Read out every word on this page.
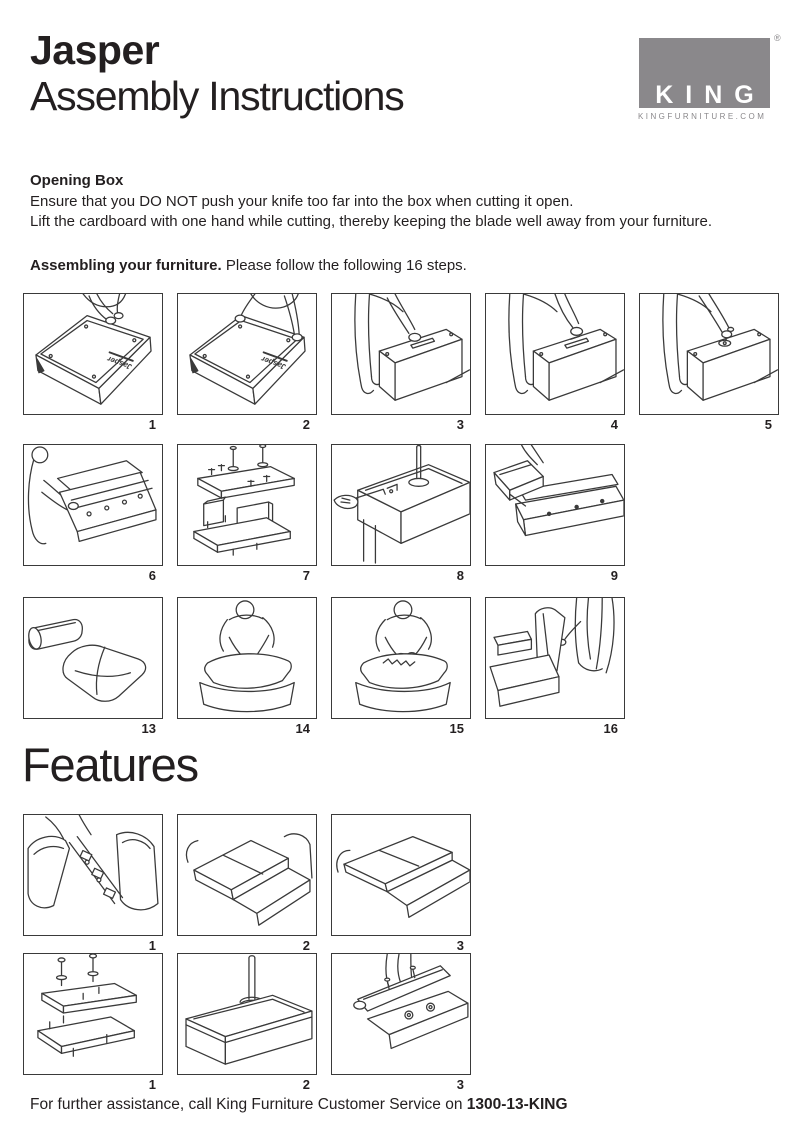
Jasper
Assembly Instructions	KING
®
KINGFURNITURE.COM
Opening Box
Ensure that you DO NOT push your knife too far into the box when cutting it open.
Lift the cardboard with one hand while cutting, thereby keeping the blade well away from your furniture.
Assembling your furniture. Please follow the following 16 steps.
1	2	3	4	5
6	7	8	9
13	14	15	16
Features
1	2	3
1	2	3
For further assistance, call King Furniture Customer Service on 1300-13-KING
